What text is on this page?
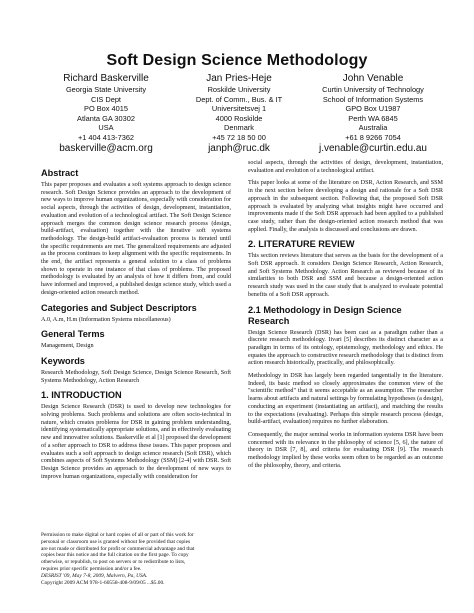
Soft Design Science Methodology
Richard Baskerville
Georgia State University
CIS Dept
PO Box 4015
Atlanta GA 30302
USA
+1 404 413-7362
baskerville@acm.org
Jan Pries-Heje
Roskilde University
Dept. of Comm., Bus. & IT
Universitetsvej 1
4000 Roskilde
Denmark
+45 72 18 50 00
janph@ruc.dk
John Venable
Curtin University of Technology
School of Information Systems
GPO Box U1987
Perth WA 6845
Australia
+61 8 9266 7054
j.venable@curtin.edu.au
Abstract

This paper proposes and evaluates a soft systems approach to design science research. Soft Design Science provides an approach to the development of new ways to improve human organizations, especially with consideration for social aspects, through the activities of design, development, instantiation, evaluation and evolution of a technological artifact. The Soft Design Science approach merges the common design science research process (design, build-artifact, evaluation) together with the iterative soft systems methodology. The design-build artifact-evaluation process is iterated until the specific requirements are met. The generalized requirements are adjusted as the process continues to keep alignment with the specific requirements. In the end, the artifact represents a general solution to a class of problems shown to operate in one instance of that class of problems. The proposed methodology is evaluated by an analysis of how it differs from, and could have informed and improved, a published design science study, which used a design-oriented action research method.

Categories and Subject Descriptors

A.0, A.m, H.m (Information Systems miscellaneous)

General Terms

Management, Design

Keywords

Research Methodology, Soft Design Science, Design Science Research, Soft Systems Methodology, Action Research

1. INTRODUCTION

Design Science Research (DSR) is used to develop new technologies for solving problems. Such problems and solutions are often socio-technical in nature, which creates problems for DSR in gaining problem understanding, identifying systematically appropriate solutions, and in effectively evaluating new and innovative solutions. Baskerville et al [1] proposed the development of a softer approach to DSR to address these issues. This paper proposes and evaluates such a soft approach to design science research (Soft DSR), which combines aspects of Soft Systems Methodology (SSM) [2-4] with DSR. Soft Design Science provides an approach to the development of new ways to improve human organizations, especially with consideration for

Permission to make digital or hard copies of all or part of this work for
personal or classroom use is granted without fee provided that copies
are not made or distributed for profit or commercial advantage and that
copies bear this notice and the full citation on the first page. To copy
otherwise, or republish, to post on servers or to redistribute to lists,
requires prior specific permission and/or a fee.
DESRIST '09, May 7-8, 2009, Malvern, Pa, USA.
Copyright 2009 ACM 978-1-60558-408-9/09/05 ...$5.00.

social aspects, through the activities of design, development, instantiation, evaluation and evolution of a technological artifact.

This paper looks at some of the literature on DSR, Action Research, and SSM in the next section before developing a design and rationale for a Soft DSR approach in the subsequent section. Following that, the proposed Soft DSR approach is evaluated by analyzing what insights might have occurred and improvements made if the Soft DSR approach had been applied to a published case study, rather than the design-oriented action research method that was applied. Finally, the analysis is discussed and conclusions are drawn.

2. LITERATURE REVIEW

This section reviews literature that serves as the basis for the development of a Soft DSR approach. It considers Design Science Research, Action Research, and Soft Systems Methodology. Action Research as reviewed because of its similarities to both DSR and SSM and because a design-oriented action research study was used in the case study that is analyzed to evaluate potential benefits of a Soft DSR approach.

2.1 Methodology in Design Science Research

Design Science Research (DSR) has been cast as a paradigm rather than a discrete research methodology. Iivari [5] describes its distinct character as a paradigm in terms of its ontology, epistemology, methodology and ethics. He equates the approach to constructive research methodology that is distinct from action research historically, practically, and philosophically.

Methodology in DSR has largely been regarded tangentially in the literature. Indeed, its basic method so closely approximates the common view of the "scientific method" that it seems acceptable as an assumption. The researcher learns about artifacts and natural settings by formulating hypotheses (a design), conducting an experiment (instantiating an artifact), and matching the results to the expectations (evaluating). Perhaps this simple research process (design, build-artifact, evaluation) requires no further elaboration.

Consequently, the major seminal works in information systems DSR have been concerned with its relevance in the philosophy of science [5, 6], the nature of theory in DSR [7, 8], and criteria for evaluating DSR [9]. The research methodology implied by these works seem often to be regarded as an outcome of the philosophy, theory, and criteria.
